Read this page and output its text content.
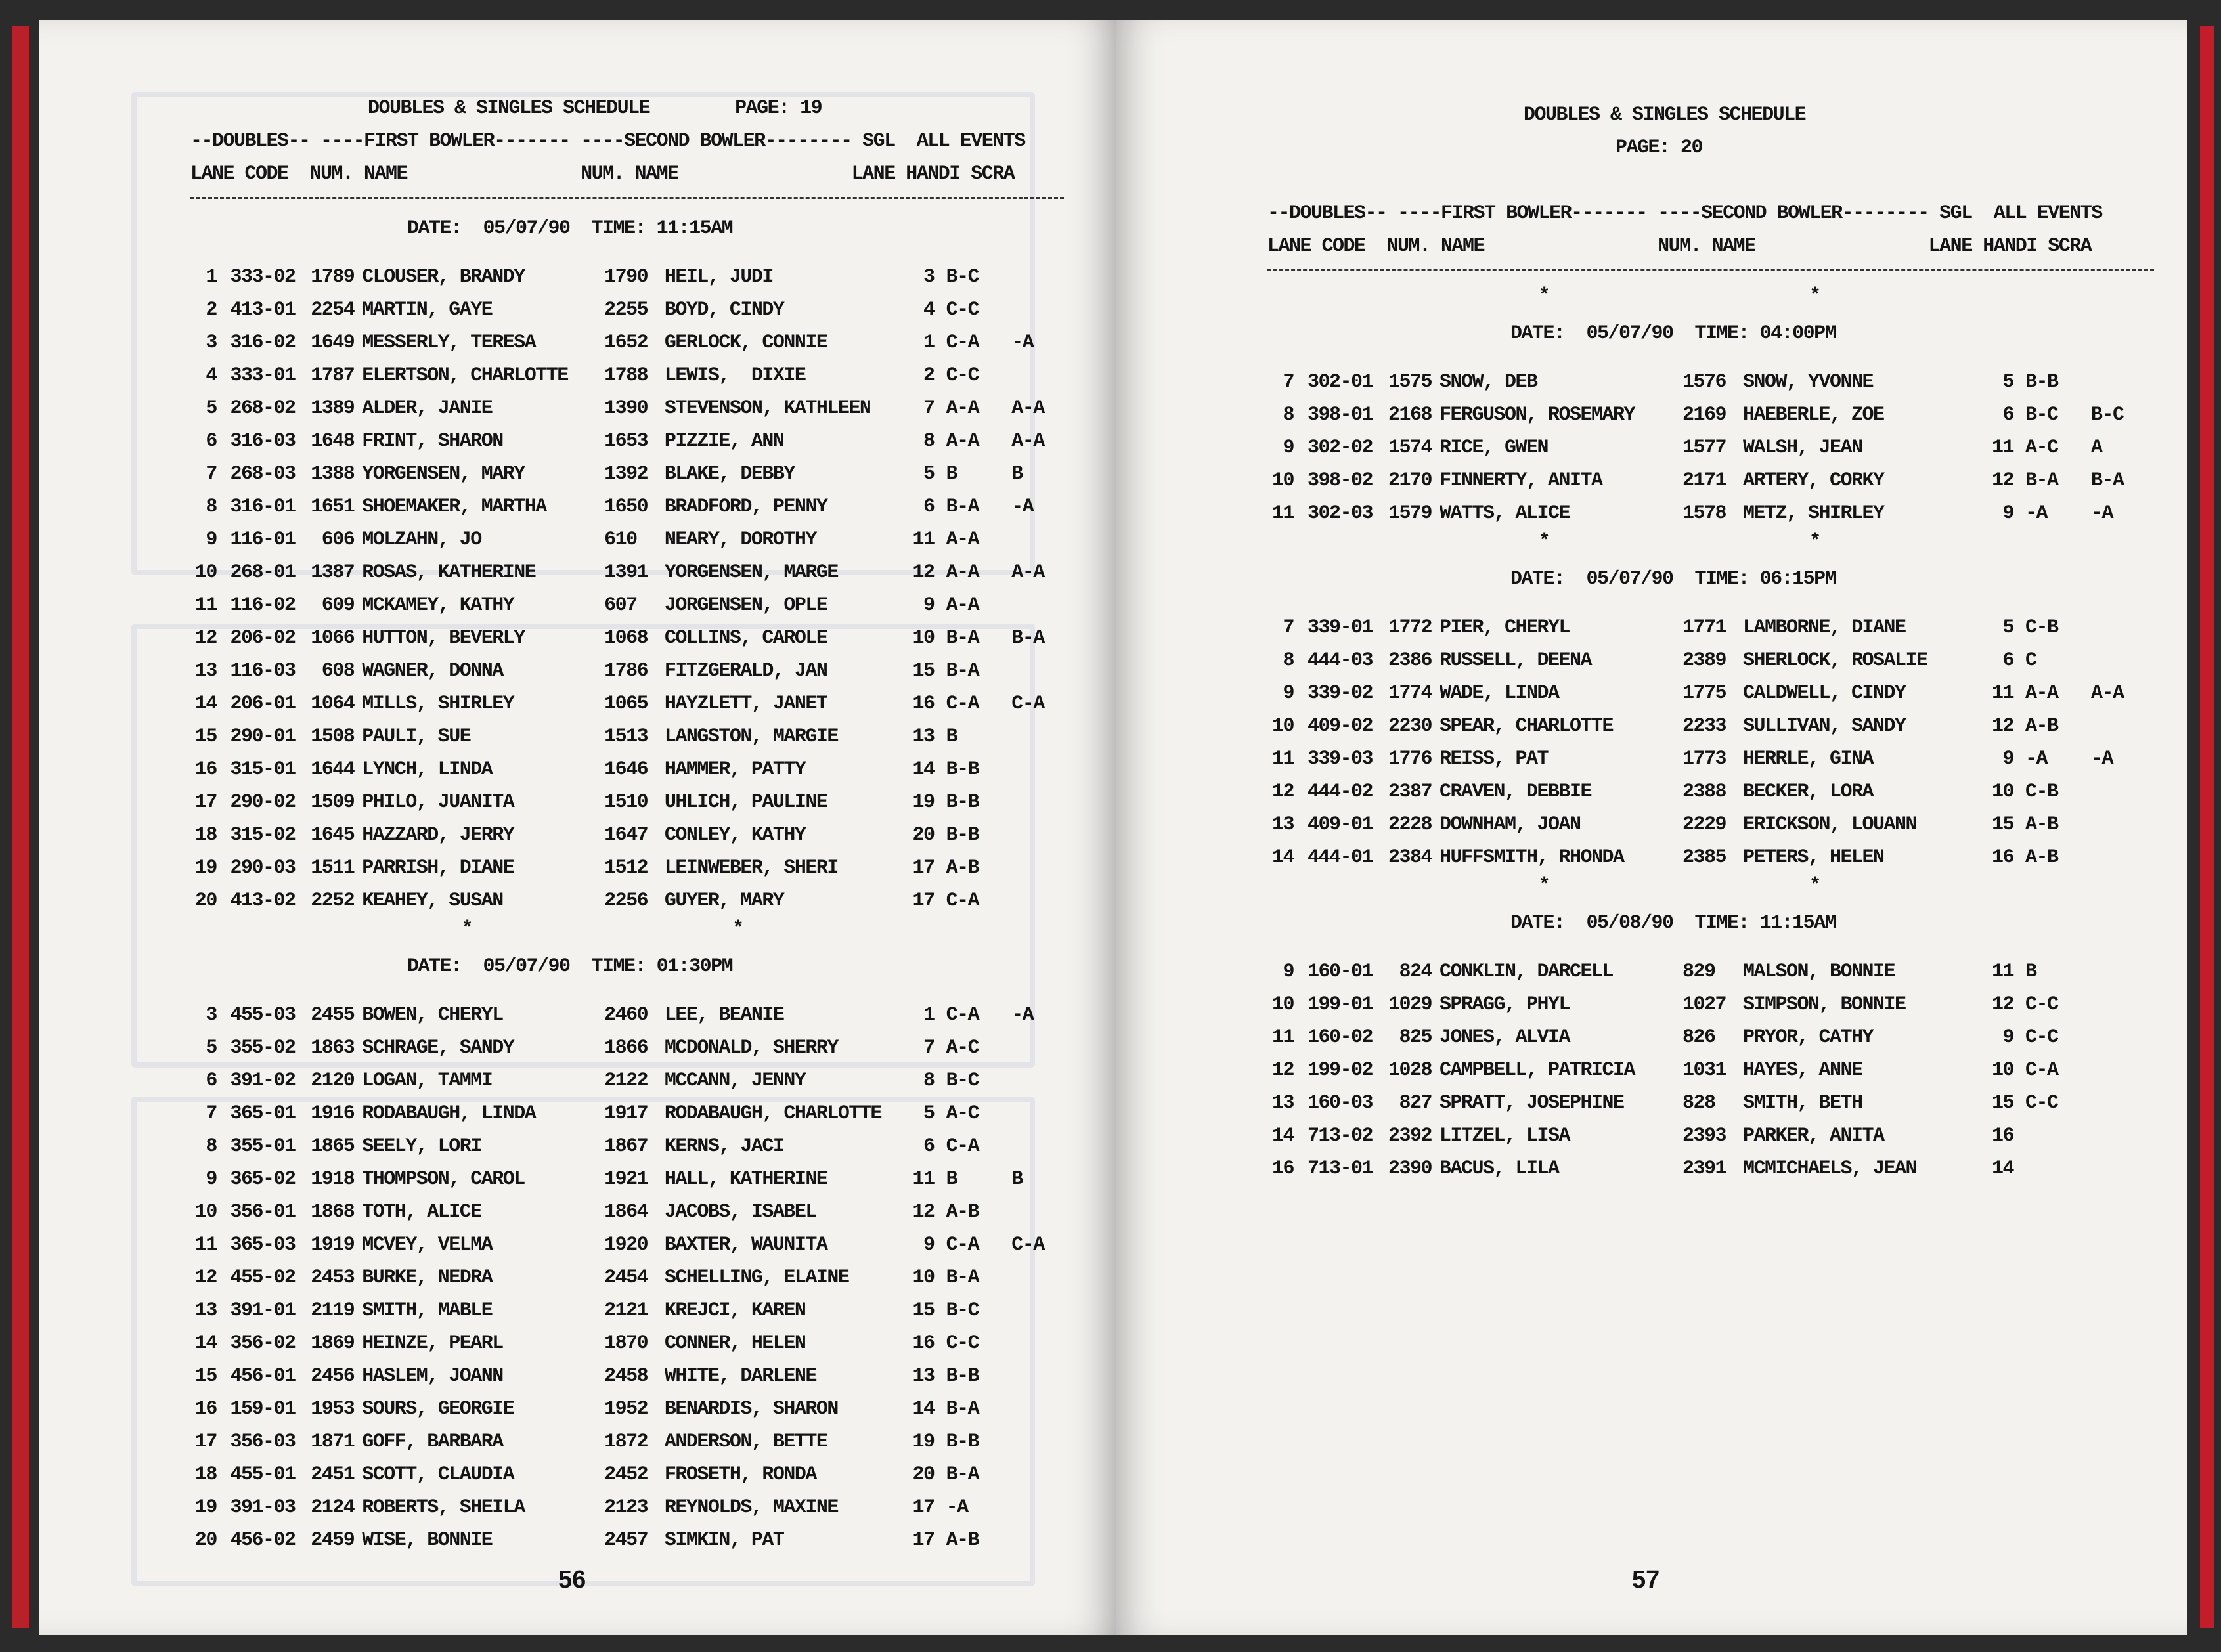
DOUBLES & SINGLES SCHEDULE	PAGE: 19
--DOUBLES-- ----FIRST BOWLER------- ----SECOND BOWLER-------- SGL  ALL EVENTS
LANE CODE  NUM. NAME                NUM. NAME                LANE HANDI SCRA
DATE:  05/07/90  TIME: 11:15AM
1 333-02 1789 CLOUSER, BRANDY	1790 HEIL, JUDI	3 B-C
2 413-01 2254 MARTIN, GAYE	2255 BOYD, CINDY	4 C-C
3 316-02 1649 MESSERLY, TERESA	1652 GERLOCK, CONNIE	1 C-A	-A
4 333-01 1787 ELERTSON, CHARLOTTE	1788 LEWIS,  DIXIE	2 C-C
5 268-02 1389 ALDER, JANIE	1390 STEVENSON, KATHLEEN	7 A-A	A-A
6 316-03 1648 FRINT, SHARON	1653 PIZZIE, ANN	8 A-A	A-A
7 268-03 1388 YORGENSEN, MARY	1392 BLAKE, DEBBY	5 B	B
8 316-01 1651 SHOEMAKER, MARTHA	1650 BRADFORD, PENNY	6 B-A	-A
9 116-01	606 MOLZAHN, JO	610	NEARY, DOROTHY	11 A-A
10 268-01 1387 ROSAS, KATHERINE	1391 YORGENSEN, MARGE	12 A-A	A-A
11 116-02	609 MCKAMEY, KATHY	607	JORGENSEN, OPLE	9 A-A
12 206-02 1066 HUTTON, BEVERLY	1068 COLLINS, CAROLE	10 B-A	B-A
13 116-03	608 WAGNER, DONNA	1786 FITZGERALD, JAN	15 B-A
14 206-01 1064 MILLS, SHIRLEY	1065 HAYZLETT, JANET	16 C-A	C-A
15 290-01 1508 PAULI, SUE	1513 LANGSTON, MARGIE	13 B
16 315-01 1644 LYNCH, LINDA	1646 HAMMER, PATTY	14 B-B
17 290-02 1509 PHILO, JUANITA	1510 UHLICH, PAULINE	19 B-B
18 315-02 1645 HAZZARD, JERRY	1647 CONLEY, KATHY	20 B-B
19 290-03 1511 PARRISH, DIANE	1512 LEINWEBER, SHERI	17 A-B
20 413-02 2252 KEAHEY, SUSAN	2256 GUYER, MARY	17 C-A
*                        *
DATE:  05/07/90  TIME: 01:30PM
3 455-03 2455 BOWEN, CHERYL	2460 LEE, BEANIE	1 C-A	-A
5 355-02 1863 SCHRAGE, SANDY	1866 MCDONALD, SHERRY	7 A-C
6 391-02 2120 LOGAN, TAMMI	2122 MCCANN, JENNY	8 B-C
7 365-01 1916 RODABAUGH, LINDA	1917 RODABAUGH, CHARLOTTE	5 A-C
8 355-01 1865 SEELY, LORI	1867 KERNS, JACI	6 C-A
9 365-02 1918 THOMPSON, CAROL	1921 HALL, KATHERINE	11 B	B
10 356-01 1868 TOTH, ALICE	1864 JACOBS, ISABEL	12 A-B
11 365-03 1919 MCVEY, VELMA	1920 BAXTER, WAUNITA	9 C-A	C-A
12 455-02 2453 BURKE, NEDRA	2454 SCHELLING, ELAINE	10 B-A
13 391-01 2119 SMITH, MABLE	2121 KREJCI, KAREN	15 B-C
14 356-02 1869 HEINZE, PEARL	1870 CONNER, HELEN	16 C-C
15 456-01 2456 HASLEM, JOANN	2458 WHITE, DARLENE	13 B-B
16 159-01 1953 SOURS, GEORGIE	1952 BENARDIS, SHARON	14 B-A
17 356-03 1871 GOFF, BARBARA	1872 ANDERSON, BETTE	19 B-B
18 455-01 2451 SCOTT, CLAUDIA	2452 FROSETH, RONDA	20 B-A
19 391-03 2124 ROBERTS, SHEILA	2123 REYNOLDS, MAXINE	17 -A
20 456-02 2459 WISE, BONNIE	2457 SIMKIN, PAT	17 A-B
56
DOUBLES & SINGLES SCHEDULE
PAGE: 20
--DOUBLES-- ----FIRST BOWLER------- ----SECOND BOWLER-------- SGL  ALL EVENTS
LANE CODE  NUM. NAME                NUM. NAME                LANE HANDI SCRA
*                        *
DATE:  05/07/90  TIME: 04:00PM
7 302-01 1575 SNOW, DEB	1576 SNOW, YVONNE	5 B-B
8 398-01 2168 FERGUSON, ROSEMARY	2169 HAEBERLE, ZOE	6 B-C	B-C
9 302-02 1574 RICE, GWEN	1577 WALSH, JEAN	11 A-C	A
10 398-02 2170 FINNERTY, ANITA	2171 ARTERY, CORKY	12 B-A	B-A
11 302-03 1579 WATTS, ALICE	1578 METZ, SHIRLEY	9 -A	-A
*                        *
DATE:  05/07/90  TIME: 06:15PM
7 339-01 1772 PIER, CHERYL	1771 LAMBORNE, DIANE	5 C-B
8 444-03 2386 RUSSELL, DEENA	2389 SHERLOCK, ROSALIE	6 C
9 339-02 1774 WADE, LINDA	1775 CALDWELL, CINDY	11 A-A	A-A
10 409-02 2230 SPEAR, CHARLOTTE	2233 SULLIVAN, SANDY	12 A-B
11 339-03 1776 REISS, PAT	1773 HERRLE, GINA	9 -A	-A
12 444-02 2387 CRAVEN, DEBBIE	2388 BECKER, LORA	10 C-B
13 409-01 2228 DOWNHAM, JOAN	2229 ERICKSON, LOUANN	15 A-B
14 444-01 2384 HUFFSMITH, RHONDA	2385 PETERS, HELEN	16 A-B
*                        *
DATE:  05/08/90  TIME: 11:15AM
9 160-01	824 CONKLIN, DARCELL	829	MALSON, BONNIE	11 B
10 199-01 1029 SPRAGG, PHYL	1027 SIMPSON, BONNIE	12 C-C
11 160-02	825 JONES, ALVIA	826	PRYOR, CATHY	9 C-C
12 199-02 1028 CAMPBELL, PATRICIA	1031 HAYES, ANNE	10 C-A
13 160-03	827 SPRATT, JOSEPHINE	828	SMITH, BETH	15 C-C
14 713-02 2392 LITZEL, LISA	2393 PARKER, ANITA	16
16 713-01 2390 BACUS, LILA	2391 MCMICHAELS, JEAN	14
57
